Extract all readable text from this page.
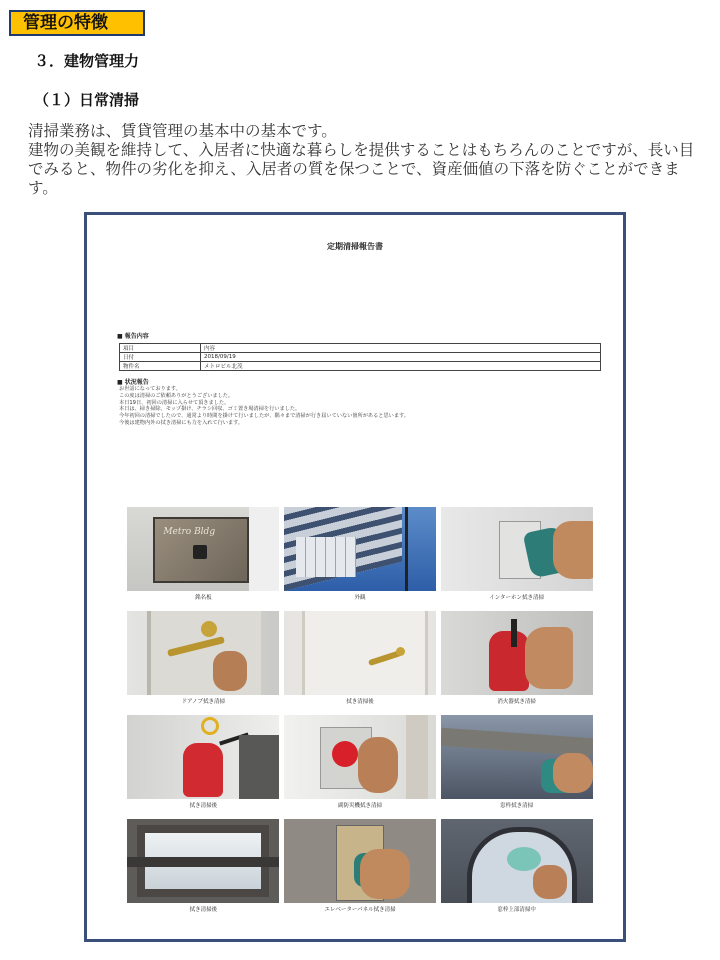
管理の特徴
３．建物管理力
（１）日常清掃

清掃業務は、賃貸管理の基本中の基本です。

建物の美観を維持して、入居者に快適な暮らしを提供することはもちろんのことですが、長い目でみると、物件の劣化を抑え、入居者の質を保つことで、資産価値の下落を防ぐことができます。

定期清掃報告書
■ 報告内容
項目	内容
日付	2018/09/19
物件名	メトロビル北茂
■ 状況報告
お世話になっております。
この度は清掃のご依頼ありがとうございました。
本日19日、初回の清掃に入らせて頂きました。
本日は、掃き掃除、モップ掛け、チラシ回収、ゴミ置き場清掃を行いました。
今年初回の清掃でしたので、通常より時間を掛けて行いましたが、隅々まで清掃が行き届いていない箇所があると思います。
今後は建物内外の拭き清掃にも力を入れて行います。
Metro Bldg
銘名板	外観	インターホン拭き清掃
ドアノブ拭き清掃	拭き清掃後	消火器拭き清掃
拭き清掃後	副防災機拭き清掃	窓枠拭き清掃
拭き清掃後	エレベーターパネル拭き清掃	窓枠上部清掃中
